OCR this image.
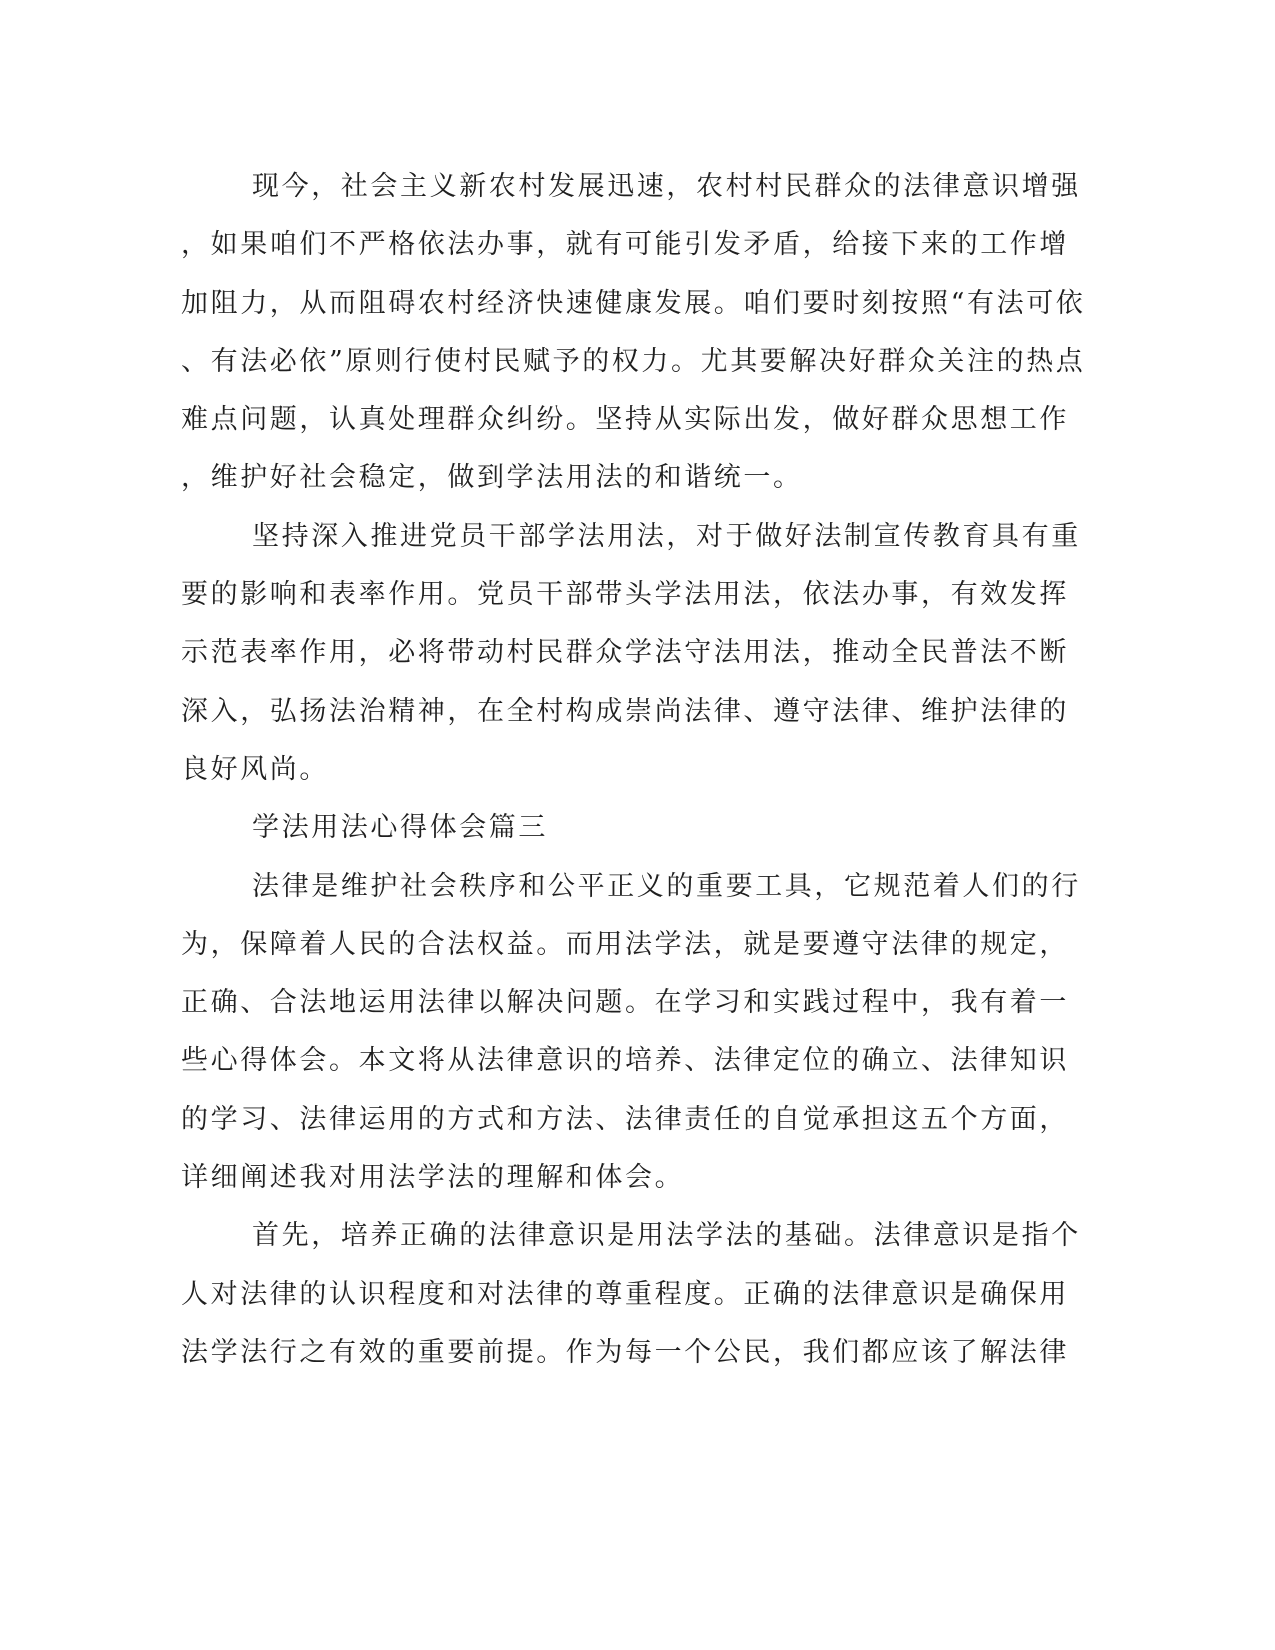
现今，社会主义新农村发展迅速，农村村民群众的法律意识增强
，如果咱们不严格依法办事，就有可能引发矛盾，给接下来的工作增
加阻力，从而阻碍农村经济快速健康发展。咱们要时刻按照“有法可依
、有法必依”原则行使村民赋予的权力。尤其要解决好群众关注的热点
难点问题，认真处理群众纠纷。坚持从实际出发，做好群众思想工作
，维护好社会稳定，做到学法用法的和谐统一。
坚持深入推进党员干部学法用法，对于做好法制宣传教育具有重
要的影响和表率作用。党员干部带头学法用法，依法办事，有效发挥
示范表率作用，必将带动村民群众学法守法用法，推动全民普法不断
深入，弘扬法治精神，在全村构成崇尚法律、遵守法律、维护法律的
良好风尚。
学法用法心得体会篇三
法律是维护社会秩序和公平正义的重要工具，它规范着人们的行
为，保障着人民的合法权益。而用法学法，就是要遵守法律的规定，
正确、合法地运用法律以解决问题。在学习和实践过程中，我有着一
些心得体会。本文将从法律意识的培养、法律定位的确立、法律知识
的学习、法律运用的方式和方法、法律责任的自觉承担这五个方面，
详细阐述我对用法学法的理解和体会。
首先，培养正确的法律意识是用法学法的基础。法律意识是指个
人对法律的认识程度和对法律的尊重程度。正确的法律意识是确保用
法学法行之有效的重要前提。作为每一个公民，我们都应该了解法律
